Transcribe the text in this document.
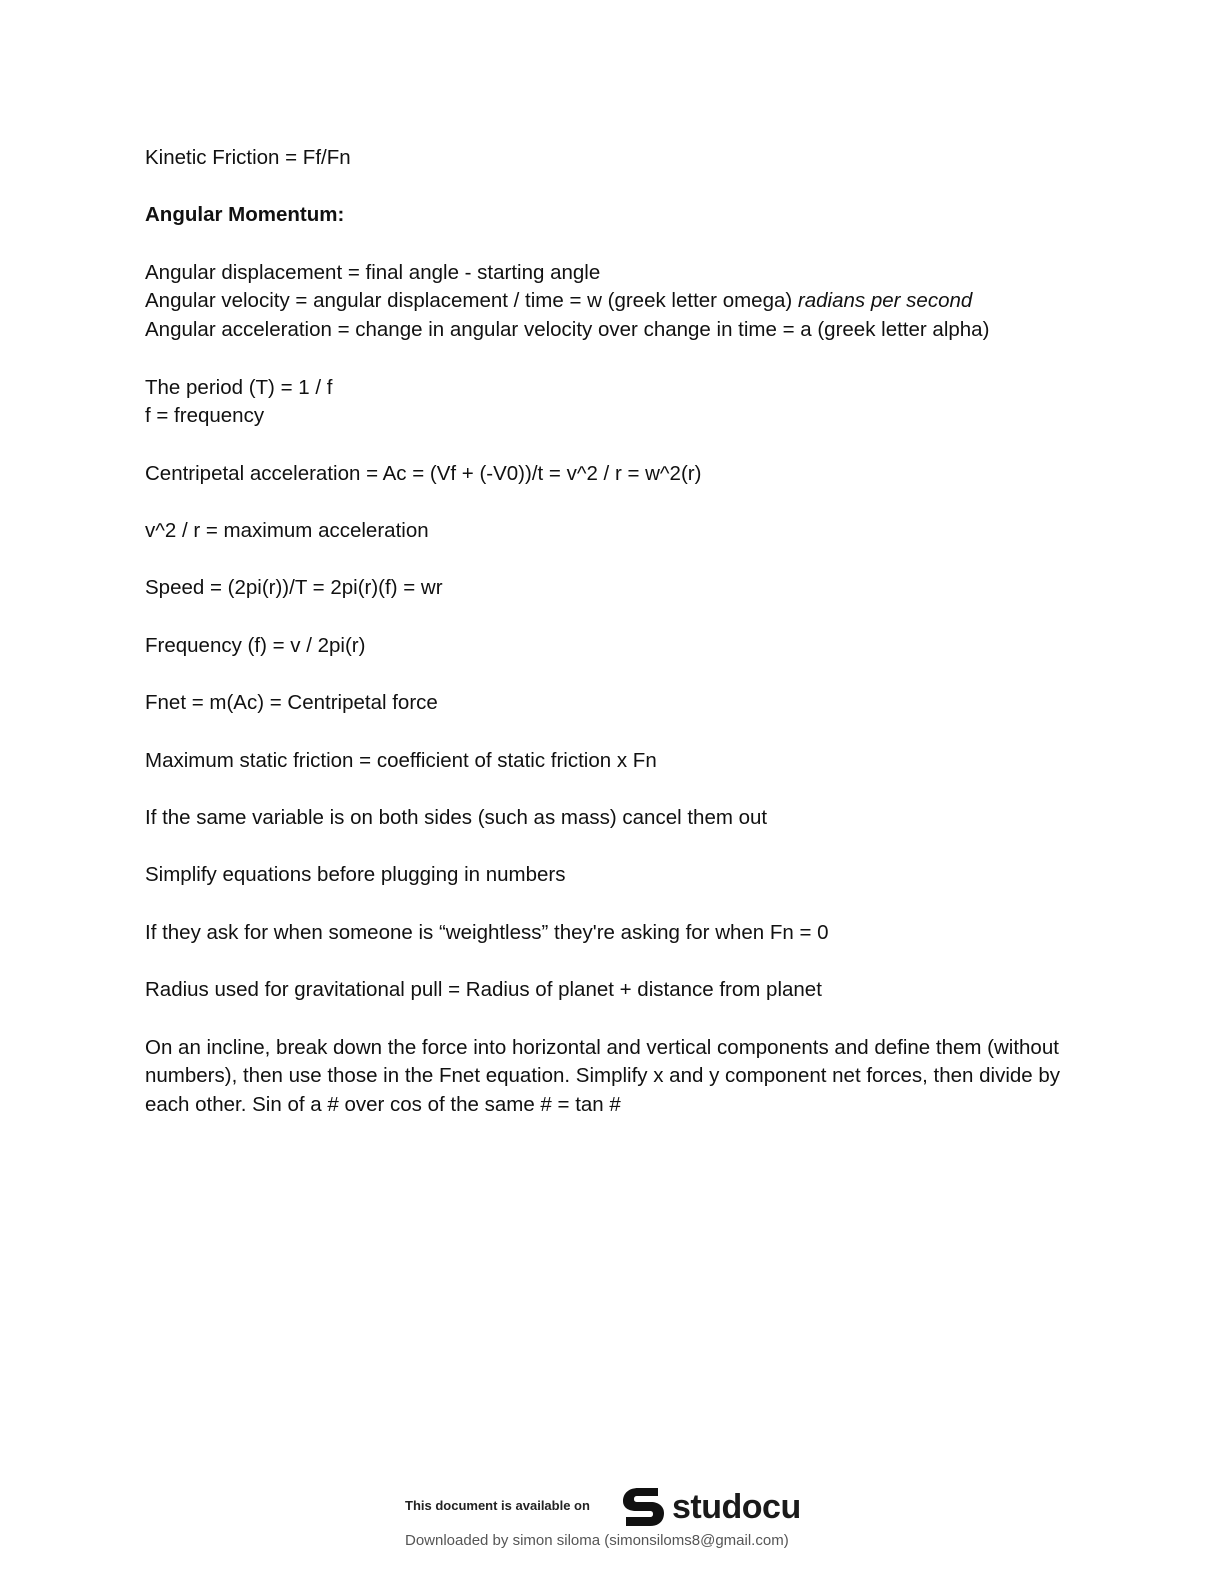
Kinetic Friction = Ff/Fn
Angular Momentum:
Angular displacement = final angle - starting angle
Angular velocity = angular displacement / time = w (greek letter omega) radians per second
Angular acceleration = change in angular velocity over change in time = a (greek letter alpha)
The period (T) = 1 / f
f = frequency
Centripetal acceleration = Ac = (Vf + (-V0))/t = v^2 / r = w^2(r)
v^2 / r = maximum acceleration
Speed = (2pi(r))/T = 2pi(r)(f) = wr
Frequency (f) = v / 2pi(r)
Fnet = m(Ac) = Centripetal force
Maximum static friction = coefficient of static friction x Fn
If the same variable is on both sides (such as mass) cancel them out
Simplify equations before plugging in numbers
If they ask for when someone is “weightless” they're asking for when Fn = 0
Radius used for gravitational pull = Radius of planet + distance from planet
On an incline, break down the force into horizontal and vertical components and define them (without numbers), then use those in the Fnet equation. Simplify x and y component net forces, then divide by each other. Sin of a # over cos of the same # = tan #
This document is available on studocu
Downloaded by simon siloma (simonsiloms8@gmail.com)
